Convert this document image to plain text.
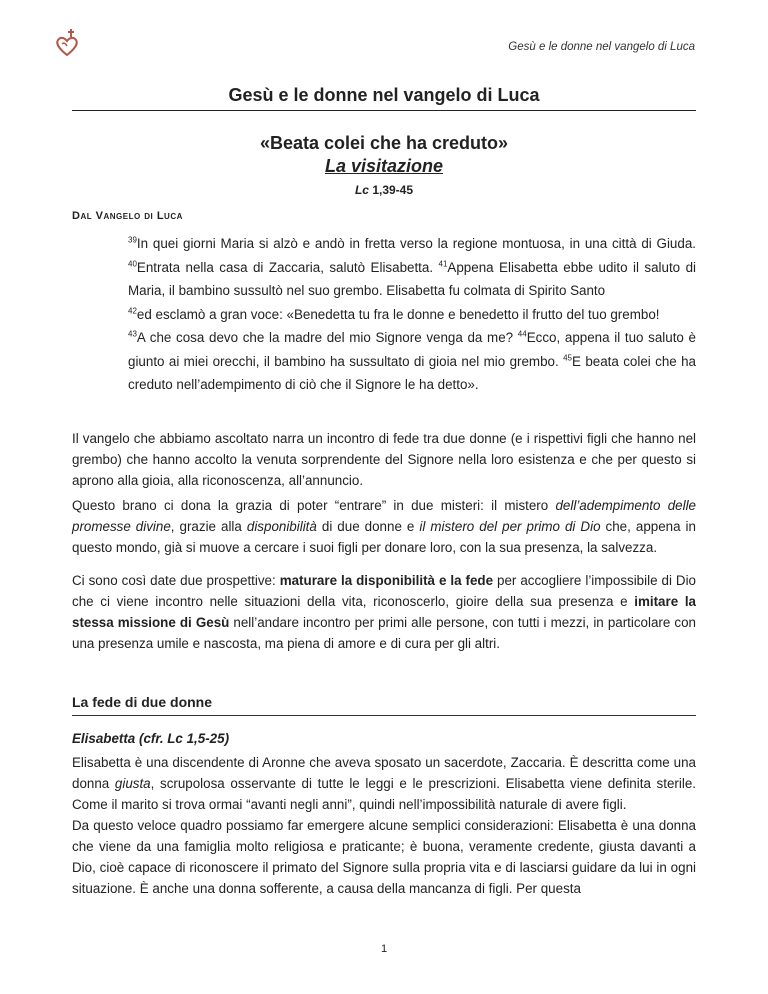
Gesù e le donne nel vangelo di Luca
Gesù e le donne nel vangelo di Luca
«Beata colei che ha creduto»
La visitazione
Lc 1,39-45
Dal Vangelo di Luca
$^{39}$In quei giorni Maria si alzò e andò in fretta verso la regione montuosa, in una città di Giuda. $^{40}$Entrata nella casa di Zaccaria, salutò Elisabetta. $^{41}$Appena Elisabetta ebbe udito il saluto di Maria, il bambino sussultò nel suo grembo. Elisabetta fu colmata di Spirito Santo
$^{42}$ed esclamò a gran voce: «Benedetta tu fra le donne e benedetto il frutto del tuo grembo!
$^{43}$A che cosa devo che la madre del mio Signore venga da me? $^{44}$Ecco, appena il tuo saluto è giunto ai miei orecchi, il bambino ha sussultato di gioia nel mio grembo. $^{45}$E beata colei che ha creduto nell’adempimento di ciò che il Signore le ha detto».
Il vangelo che abbiamo ascoltato narra un incontro di fede tra due donne (e i rispettivi figli che hanno nel grembo) che hanno accolto la venuta sorprendente del Signore nella loro esistenza e che per questo si aprono alla gioia, alla riconoscenza, all’annuncio.
Questo brano ci dona la grazia di poter “entrare” in due misteri: il mistero dell’adempimento delle promesse divine, grazie alla disponibilità di due donne e il mistero del per primo di Dio che, appena in questo mondo, già si muove a cercare i suoi figli per donare loro, con la sua presenza, la salvezza.
Ci sono così date due prospettive: maturare la disponibilità e la fede per accogliere l’impossibile di Dio che ci viene incontro nelle situazioni della vita, riconoscerlo, gioire della sua presenza e imitare la stessa missione di Gesù nell’andare incontro per primi alle persone, con tutti i mezzi, in particolare con una presenza umile e nascosta, ma piena di amore e di cura per gli altri.
La fede di due donne
Elisabetta (cfr. Lc 1,5-25)
Elisabetta è una discendente di Aronne che aveva sposato un sacerdote, Zaccaria. È descritta come una donna giusta, scrupolosa osservante di tutte le leggi e le prescrizioni. Elisabetta viene definita sterile. Come il marito si trova ormai “avanti negli anni”, quindi nell’impossibilità naturale di avere figli.
Da questo veloce quadro possiamo far emergere alcune semplici considerazioni: Elisabetta è una donna che viene da una famiglia molto religiosa e praticante; è buona, veramente credente, giusta davanti a Dio, cioè capace di riconoscere il primato del Signore sulla propria vita e di lasciarsi guidare da lui in ogni situazione. È anche una donna sofferente, a causa della mancanza di figli. Per questa
1
